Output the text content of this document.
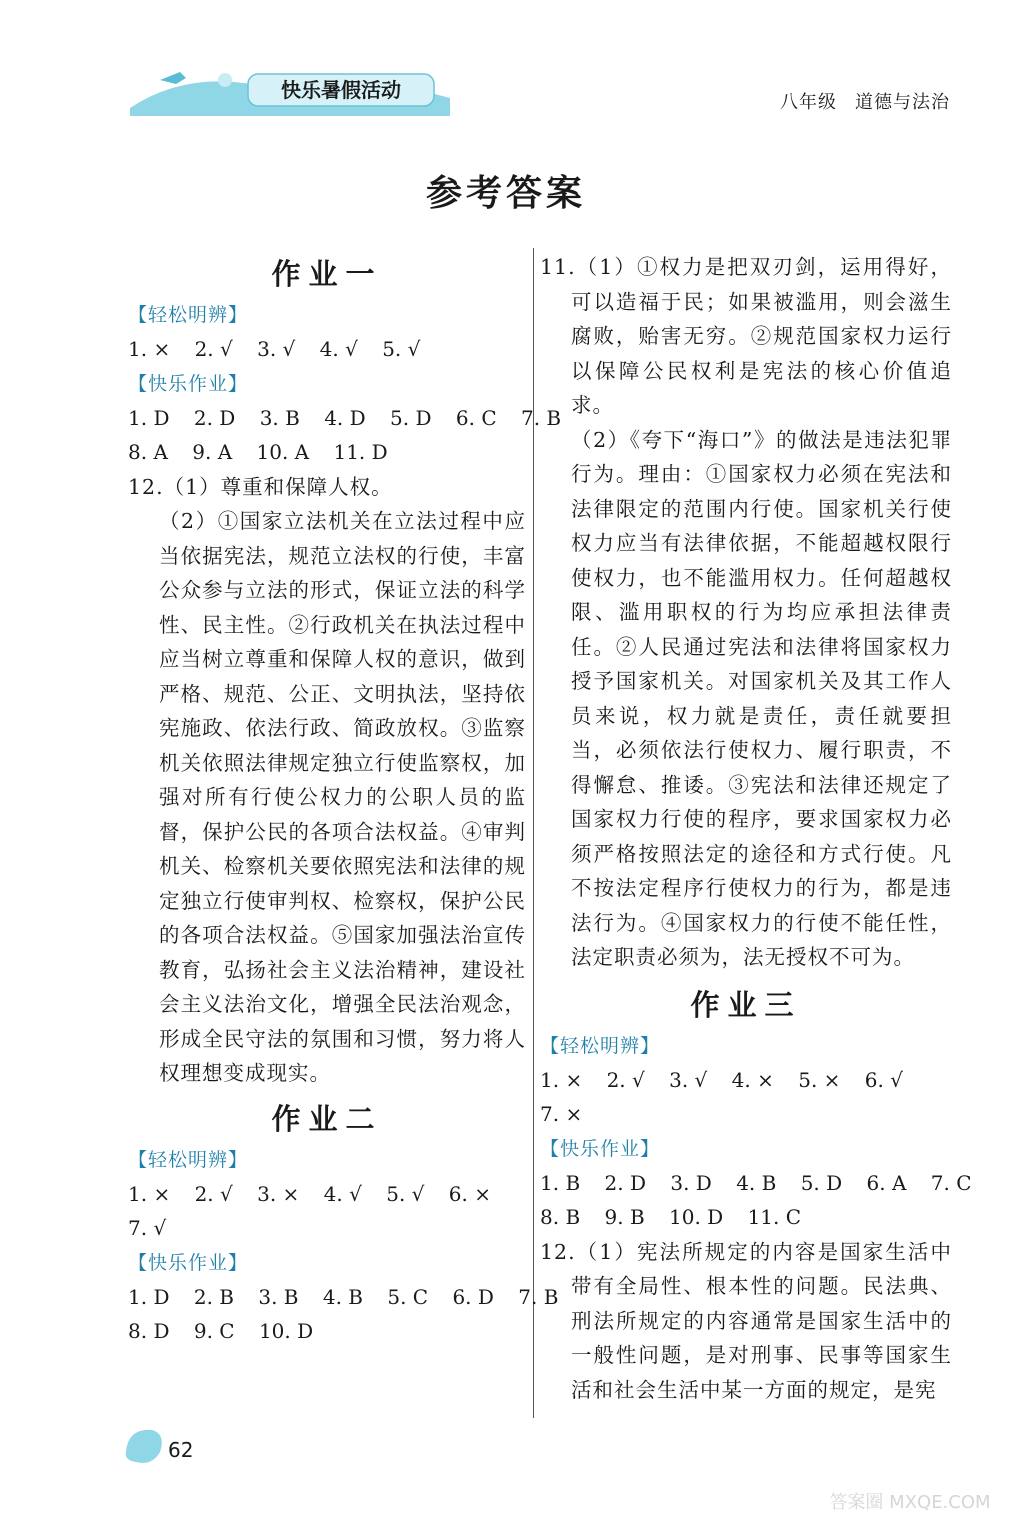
快乐暑假活动
八年级 道德与法治
参考答案
作业一
【轻松明辨】
1. × 2. √ 3. √ 4. √ 5. √
【快乐作业】
1. D 2. D 3. B 4. D 5. D 6. C 7. B
8. A 9. A 10. A 11. D
12.（1）尊重和保障人权。
（2）①国家立法机关在立法过程中应当依据宪法，规范立法权的行使，丰富公众参与立法的形式，保证立法的科学性、民主性。②行政机关在执法过程中应当树立尊重和保障人权的意识，做到严格、规范、公正、文明执法，坚持依宪施政、依法行政、简政放权。③监察机关依照法律规定独立行使监察权，加强对所有行使公权力的公职人员的监督，保护公民的各项合法权益。④审判机关、检察机关要依照宪法和法律的规定独立行使审判权、检察权，保护公民的各项合法权益。⑤国家加强法治宣传教育，弘扬社会主义法治精神，建设社会主义法治文化，增强全民法治观念，形成全民守法的氛围和习惯，努力将人权理想变成现实。
作业二
【轻松明辨】
1. × 2. √ 3. × 4. √ 5. √ 6. ×
7. √
【快乐作业】
1. D 2. B 3. B 4. B 5. C 6. D 7. B
8. D 9. C 10. D
11.（1）①权力是把双刃剑，运用得好，可以造福于民；如果被滥用，则会滋生腐败，贻害无穷。②规范国家权力运行以保障公民权利是宪法的核心价值追求。
（2）《夸下“海口”》的做法是违法犯罪行为。理由：①国家权力必须在宪法和法律限定的范围内行使。国家机关行使权力应当有法律依据，不能超越权限行使权力，也不能滥用权力。任何超越权限、滥用职权的行为均应承担法律责任。②人民通过宪法和法律将国家权力授予国家机关。对国家机关及其工作人员来说，权力就是责任，责任就要担当，必须依法行使权力、履行职责，不得懈怠、推诿。③宪法和法律还规定了国家权力行使的程序，要求国家权力必须严格按照法定的途径和方式行使。凡不按法定程序行使权力的行为，都是违法行为。④国家权力的行使不能任性，法定职责必须为，法无授权不可为。
作业三
【轻松明辨】
1. × 2. √ 3. √ 4. × 5. × 6. √
7. ×
【快乐作业】
1. B 2. D 3. D 4. B 5. D 6. A 7. C
8. B 9. B 10. D 11. C
12.（1）宪法所规定的内容是国家生活中带有全局性、根本性的问题。民法典、刑法所规定的内容通常是国家生活中的一般性问题，是对刑事、民事等国家生活和社会生活中某一方面的规定，是宪
62
答案圈 MXQE.COM
